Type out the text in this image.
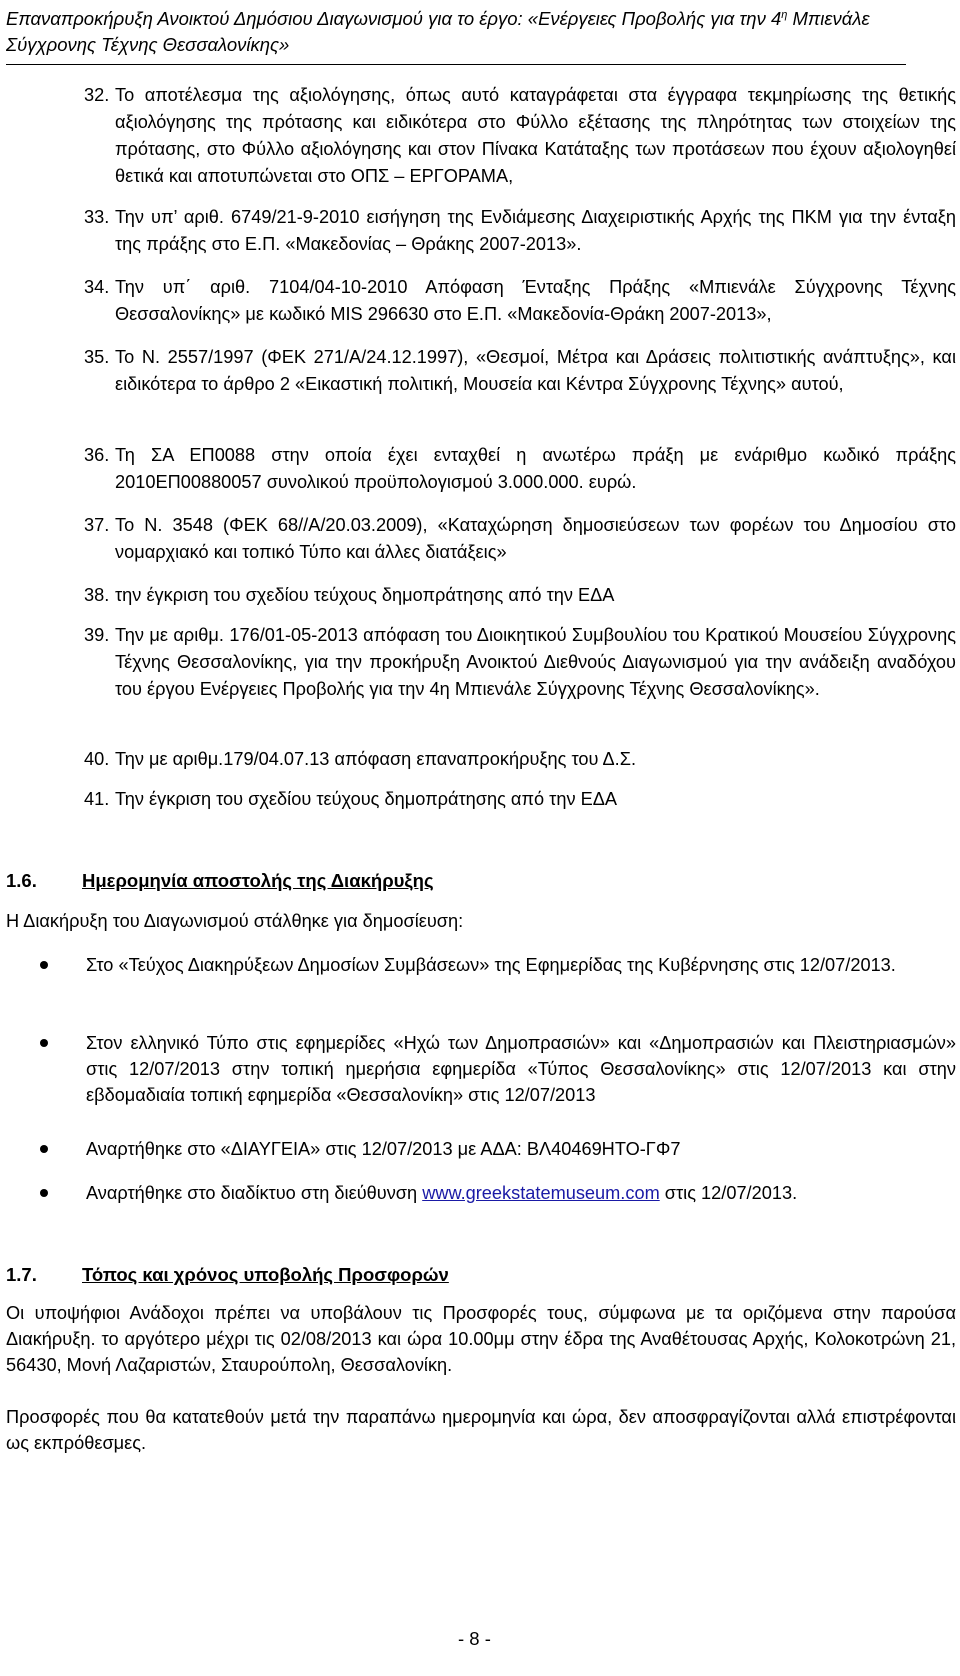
Επαναπροκήρυξη Ανοικτού Δημόσιου Διαγωνισμού για το έργο: «Ενέργειες Προβολής για την $4^\eta$ Μπιενάλε
Σύγχρονης Τέχνης Θεσσαλονίκης»
32. Το αποτέλεσμα της αξιολόγησης, όπως αυτό καταγράφεται στα έγγραφα τεκμηρίωσης της θετικής αξιολόγησης της πρότασης και ειδικότερα στο Φύλλο εξέτασης της πληρότητας των στοιχείων της πρότασης, στο Φύλλο αξιολόγησης και στον Πίνακα Κατάταξης των προτάσεων που έχουν αξιολογηθεί θετικά και αποτυπώνεται στο ΟΠΣ – ΕΡΓΟΡΑΜΑ,
33. Την υπ’ αριθ. 6749/21-9-2010 εισήγηση της Ενδιάμεσης Διαχειριστικής Αρχής της ΠΚΜ για την ένταξη της πράξης στο Ε.Π. «Μακεδονίας – Θράκης 2007-2013».
34. Την υπ΄ αριθ. 7104/04-10-2010 Απόφαση Ένταξης Πράξης «Μπιενάλε Σύγχρονης Τέχνης Θεσσαλονίκης» με κωδικό MIS 296630 στο Ε.Π. «Μακεδονία-Θράκη 2007-2013»,
35. Το Ν. 2557/1997 (ΦΕΚ 271/Α/24.12.1997), «Θεσμοί, Μέτρα και Δράσεις πολιτιστικής ανάπτυξης», και ειδικότερα το άρθρο 2 «Εικαστική πολιτική, Μουσεία και Κέντρα Σύγχρονης Τέχνης» αυτού,
36. Τη ΣΑ ΕΠ0088 στην οποία έχει ενταχθεί η ανωτέρω πράξη με ενάριθμο κωδικό πράξης 2010ΕΠ00880057 συνολικού προϋπολογισμού 3.000.000. ευρώ.
37. Το Ν. 3548 (ΦΕΚ 68//Α/20.03.2009), «Καταχώρηση δημοσιεύσεων των φορέων του Δημοσίου στο νομαρχιακό και τοπικό Τύπο και άλλες διατάξεις»
38. την έγκριση του σχεδίου τεύχους δημοπράτησης από την ΕΔΑ
39. Την με αριθμ. 176/01-05-2013 απόφαση του Διοικητικού Συμβουλίου του Κρατικού Μουσείου Σύγχρονης Τέχνης Θεσσαλονίκης, για την προκήρυξη Ανοικτού Διεθνούς Διαγωνισμού για την ανάδειξη αναδόχου του έργου Ενέργειες Προβολής για την 4η Μπιενάλε Σύγχρονης Τέχνης Θεσσαλονίκης».
40. Την με αριθμ.179/04.07.13 απόφαση επαναπροκήρυξης του Δ.Σ.
41. Την έγκριση του σχεδίου τεύχους δημοπράτησης από την ΕΔΑ
1.6. Ημερομηνία αποστολής της Διακήρυξης
Η Διακήρυξη του Διαγωνισμού στάλθηκε για δημοσίευση:
Στο «Τεύχος Διακηρύξεων Δημοσίων Συμβάσεων» της Εφημερίδας της Κυβέρνησης στις 12/07/2013.
Στον ελληνικό Τύπο στις εφημερίδες «Ηχώ των Δημοπρασιών» και «Δημοπρασιών και Πλειστηριασμών» στις 12/07/2013 στην τοπική ημερήσια εφημερίδα «Τύπος Θεσσαλονίκης» στις 12/07/2013 και στην εβδομαδιαία τοπική εφημερίδα «Θεσσαλονίκη» στις 12/07/2013
Αναρτήθηκε στο «ΔΙΑΥΓΕΙΑ» στις 12/07/2013 με ΑΔΑ: ΒΛ40469ΗΤΟ-ΓΦ7
Αναρτήθηκε στο διαδίκτυο στη διεύθυνση www.greekstatemuseum.com στις 12/07/2013.
1.7. Τόπος και χρόνος υποβολής Προσφορών
Οι υποψήφιοι Ανάδοχοι πρέπει να υποβάλουν τις Προσφορές τους, σύμφωνα με τα οριζόμενα στην παρούσα Διακήρυξη. το αργότερο μέχρι τις 02/08/2013 και ώρα 10.00μμ στην έδρα της Αναθέτουσας Αρχής, Κολοκοτρώνη 21, 56430, Μονή Λαζαριστών, Σταυρούπολη, Θεσσαλονίκη.
Προσφορές που θα κατατεθούν μετά την παραπάνω ημερομηνία και ώρα, δεν αποσφραγίζονται αλλά επιστρέφονται ως εκπρόθεσμες.
- 8 -
